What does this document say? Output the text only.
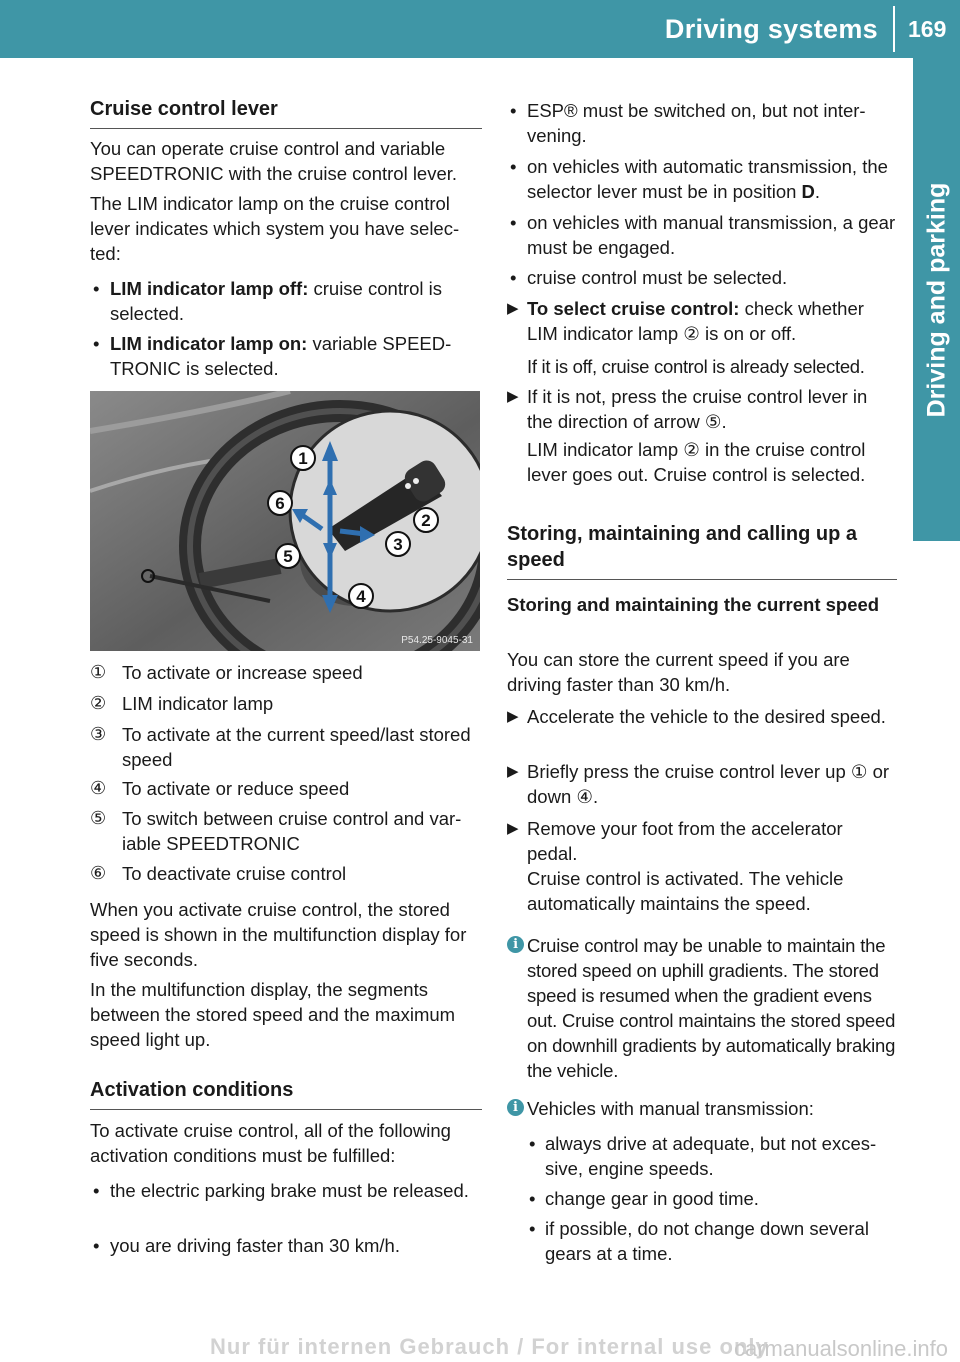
Driving systems 169
Driving and parking
Cruise control lever
You can operate cruise control and variable SPEEDTRONIC with the cruise control lever.
The LIM indicator lamp on the cruise control lever indicates which system you have selec-ted:
• LIM indicator lamp off: cruise control is selected.
• LIM indicator lamp on: variable SPEED-TRONIC is selected.
① To activate or increase speed
② LIM indicator lamp
③ To activate at the current speed/last stored speed
④ To activate or reduce speed
⑤ To switch between cruise control and var-iable SPEEDTRONIC
⑥ To deactivate cruise control
When you activate cruise control, the stored speed is shown in the multifunction display for five seconds.
In the multifunction display, the segments between the stored speed and the maximum speed light up.
Activation conditions
To activate cruise control, all of the following activation conditions must be fulfilled:
• the electric parking brake must be released.
• you are driving faster than 30 km/h.
1
2
3
4
5
6
P54.25-9045-31
• ESP® must be switched on, but not inter-vening.
• on vehicles with automatic transmission, the selector lever must be in position D.
• on vehicles with manual transmission, a gear must be engaged.
• cruise control must be selected.
▶ To select cruise control: check whether LIM indicator lamp ② is on or off.
If it is off, cruise control is already selected.
▶ If it is not, press the cruise control lever in the direction of arrow ⑤.
LIM indicator lamp ② in the cruise control lever goes out. Cruise control is selected.
Storing, maintaining and calling up a speed
Storing and maintaining the current speed
You can store the current speed if you are driving faster than 30 km/h.
▶ Accelerate the vehicle to the desired speed.
▶ Briefly press the cruise control lever up ① or down ④.
▶ Remove your foot from the accelerator pedal.
Cruise control is activated. The vehicle automatically maintains the speed.
i Cruise control may be unable to maintain the stored speed on uphill gradients. The stored speed is resumed when the gradient evens out. Cruise control maintains the stored speed on downhill gradients by automatically braking the vehicle.
i Vehicles with manual transmission:
• always drive at adequate, but not exces-sive, engine speeds.
• change gear in good time.
• if possible, do not change down several gears at a time.
Nur für internen Gebrauch / For internal use only
carmanualsonline.info
